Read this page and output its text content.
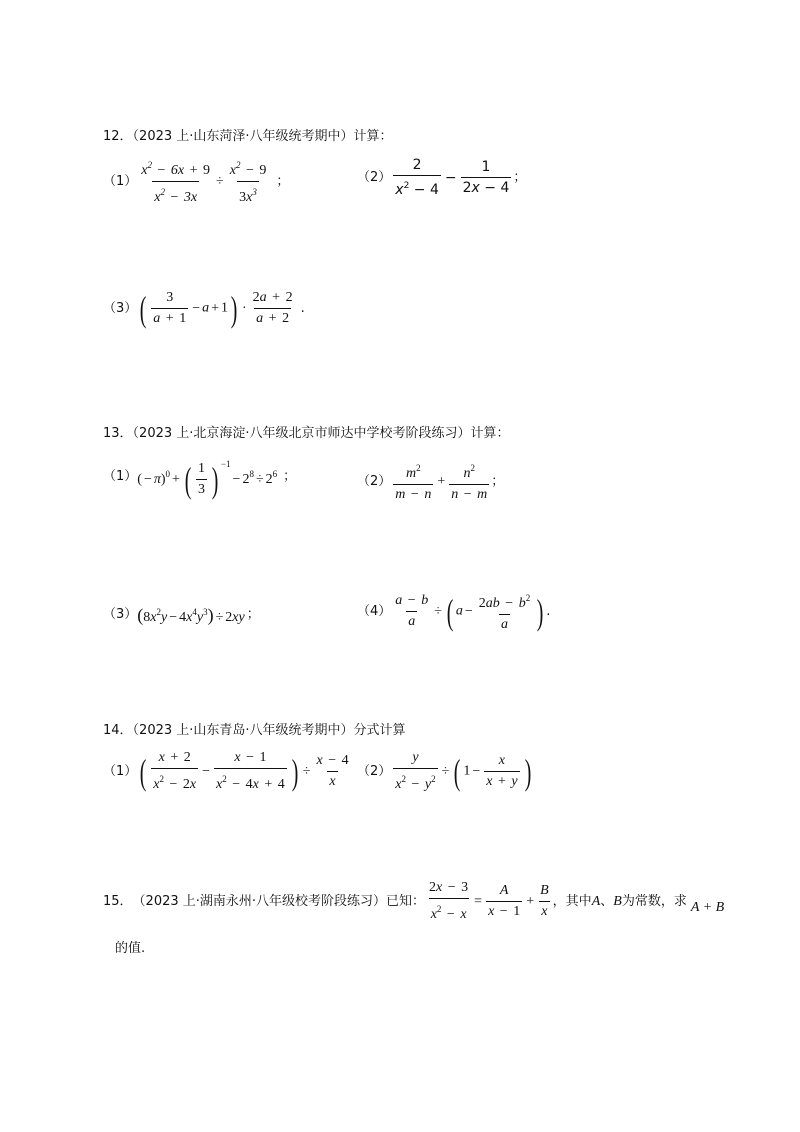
12．（2023 上·山东菏泽·八年级统考期中）计算：
$(1) \frac{x^2 - 6x + 9}{x^2 - 3x} \div \frac{x^2 - 9}{3x^3}$ ；	$(2) \frac{2}{x^2 - 4} - \frac{1}{2x - 4}$ ；
（3） ( $\frac{3}{a + 1} - a + 1) \cdot \frac{2a + 2}{a + 2}$ .
13．（2023 上·北京海淀·八年级北京市师达中学校考阶段练习）计算：
（1） ( − π)$^0$ + ( $\frac{1}{3}$ ) $^{-1}- 2^8 \div 2^6$ ；	$(2) \frac{m^2}{m - n} + \frac{n^2}{n - m}$ ；
（3） $(8x^2y - 4x^4y^3) \div 2xy$ ；	$(4) \frac{a - b}{a}$ ÷ ( $a - \frac{2ab - b^2}{a}$ ) .
14．（2023 上·山东青岛·八年级统考期中）分式计算
（1） ( $\frac{x + 2}{x^2 - 2x} - \frac{x - 1}{x^2 - 4x + 4}$ ) ÷ $\frac{x - 4}{x} (2) \frac{y}{x^2 - y^2}$ ÷ ( $1 - \frac{x}{x + y}$ )
15． （2023 上·湖南永州·八年级校考阶段练习） 已知： $\frac{2x - 3}{x^2 - x} = \frac{A}{x - 1} + \frac{B}{x}$ ，其中 A 、 B 为常数，求 A + B
的值.
